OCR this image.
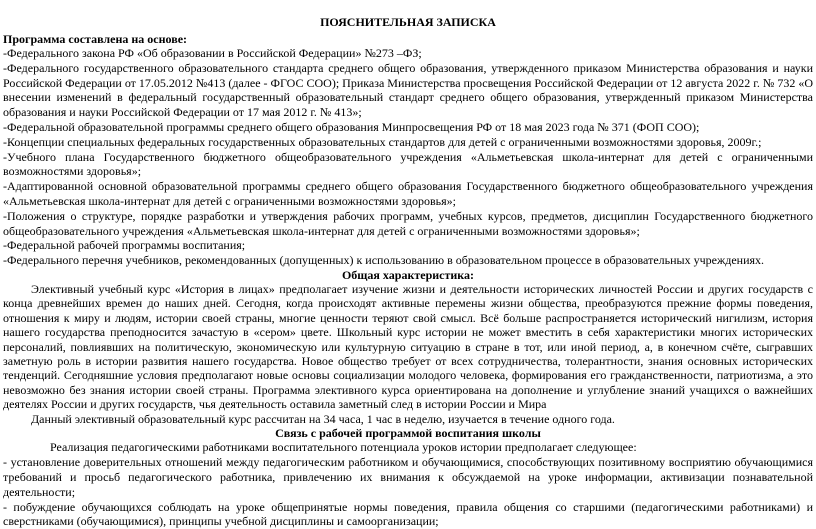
ПОЯСНИТЕЛЬНАЯ ЗАПИСКА
Программа составлена на основе:

-Федерального закона РФ «Об образовании в Российской Федерации» №273 –ФЗ;

-Федерального государственного образовательного стандарта среднего общего образования, утвержденного приказом Министерства образования и науки Российской Федерации от 17.05.2012 №413 (далее - ФГОС СОО); Приказа Министерства просвещения Российской Федерации от 12 августа 2022 г. № 732 «О внесении изменений в федеральный государственный образовательный стандарт среднего общего образования, утвержденный приказом Министерства образования и науки Российской Федерации от 17 мая 2012 г. № 413»;

-Федеральной образовательной программы среднего общего образования Минпросвещения РФ от 18 мая 2023 года № 371 (ФОП СОО);

-Концепции специальных федеральных государственных образовательных стандартов для детей с ограниченными возможностями здоровья, 2009г.;

-Учебного плана Государственного бюджетного общеобразовательного учреждения «Альметьевская школа-интернат для детей с ограниченными возможностями здоровья»;

-Адаптированной основной образовательной программы среднего общего образования Государственного бюджетного общеобразовательного учреждения «Альметьевская школа-интернат для детей с ограниченными возможностями здоровья»;

-Положения о структуре, порядке разработки и утверждения рабочих программ, учебных курсов, предметов, дисциплин Государственного бюджетного общеобразовательного учреждения «Альметьевская школа-интернат для детей с ограниченными возможностями здоровья»;

-Федеральной рабочей программы воспитания;

-Федерального перечня учебников, рекомендованных (допущенных) к использованию в образовательном процессе в образовательных учреждениях.

Общая характеристика:

Элективный учебный курс «История в лицах» предполагает изучение жизни и деятельности исторических личностей России и других государств с конца древнейших времен до наших дней. Сегодня, когда происходят активные перемены жизни общества, преобразуются прежние формы поведения, отношения к миру и людям, истории своей страны, многие ценности теряют свой смысл. Всё больше распространяется исторический нигилизм, история нашего государства преподносится зачастую в «сером» цвете. Школьный курс истории не может вместить в себя характеристики многих исторических персоналий, повлиявших на политическую, экономическую или культурную ситуацию в стране в тот, или иной период, а, в конечном счёте, сыгравших заметную роль в истории развития нашего государства. Новое общество требует от всех сотрудничества, толерантности, знания основных исторических тенденций. Сегодняшние условия предполагают новые основы социализации молодого человека, формирования его гражданственности, патриотизма, а это невозможно без знания истории своей страны. Программа элективного курса ориентирована на дополнение и углубление знаний учащихся о важнейших деятелях России и других государств, чья деятельность оставила заметный след в истории России и Мира

Данный элективный образовательный курс рассчитан на 34 часа, 1 час в неделю, изучается в течение одного года.

Связь с рабочей программой воспитания школы

Реализация педагогическими работниками воспитательного потенциала уроков истории предполагает следующее:

- установление доверительных отношений между педагогическим работником и обучающимися, способствующих позитивному восприятию обучающимися требований и просьб педагогического работника, привлечению их внимания к обсуждаемой на уроке информации, активизации познавательной деятельности;

- побуждение обучающихся соблюдать на уроке общепринятые нормы поведения, правила общения со старшими (педагогическими работниками) и сверстниками (обучающимися), принципы учебной дисциплины и самоорганизации;
